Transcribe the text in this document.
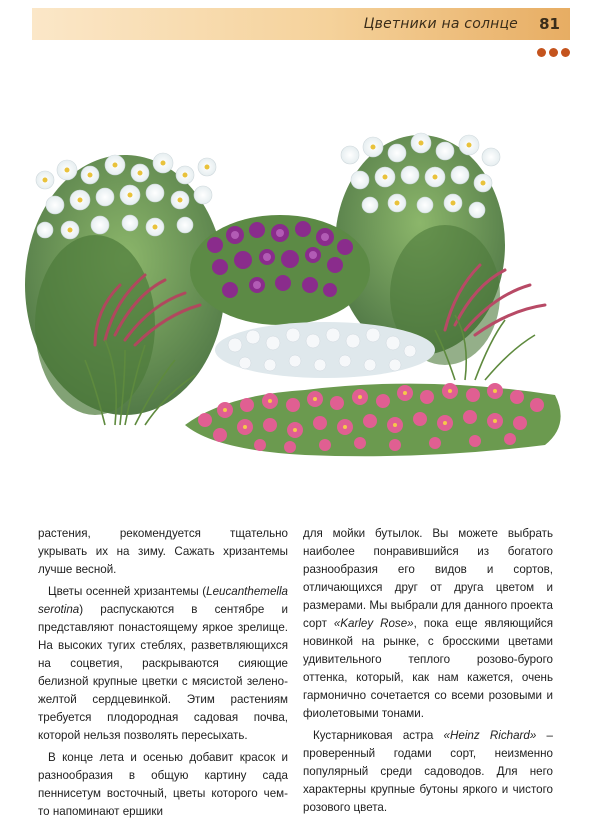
Цветники на солнце 81

растения, рекомендуется тщательно укрывать их на зиму. Сажать хризантемы лучше весной.

Цветы осенней хризантемы (Leucanthemella serotina) распускаются в сентябре и представляют понастоящему яркое зрелище. На высоких тугих стеблях, разветвляющихся на соцветия, раскрываются сияющие белизной крупные цветки с мясистой зелено-желтой сердцевинкой. Этим растениям требуется плодородная садовая почва, которой нельзя позволять пересыхать.

В конце лета и осенью добавит красок и разнообразия в общую картину сада пеннисетум восточный, цветы которого чем-то напоминают ершики

для мойки бутылок. Вы можете выбрать наиболее понравившийся из богатого разнообразия его видов и сортов, отличающихся друг от друга цветом и размерами. Мы выбрали для данного проекта сорт «Karley Rose», пока еще являющийся новинкой на рынке, с бросскими цветами удивительного теплого розово-бурого оттенка, который, как нам кажется, очень гармонично сочетается со всеми розовыми и фиолетовыми тонами.

Кустарниковая астра «Heinz Richard» – проверенный годами сорт, неизменно популярный среди садоводов. Для него характерны крупные бутоны яркого и чистого розового цвета.
